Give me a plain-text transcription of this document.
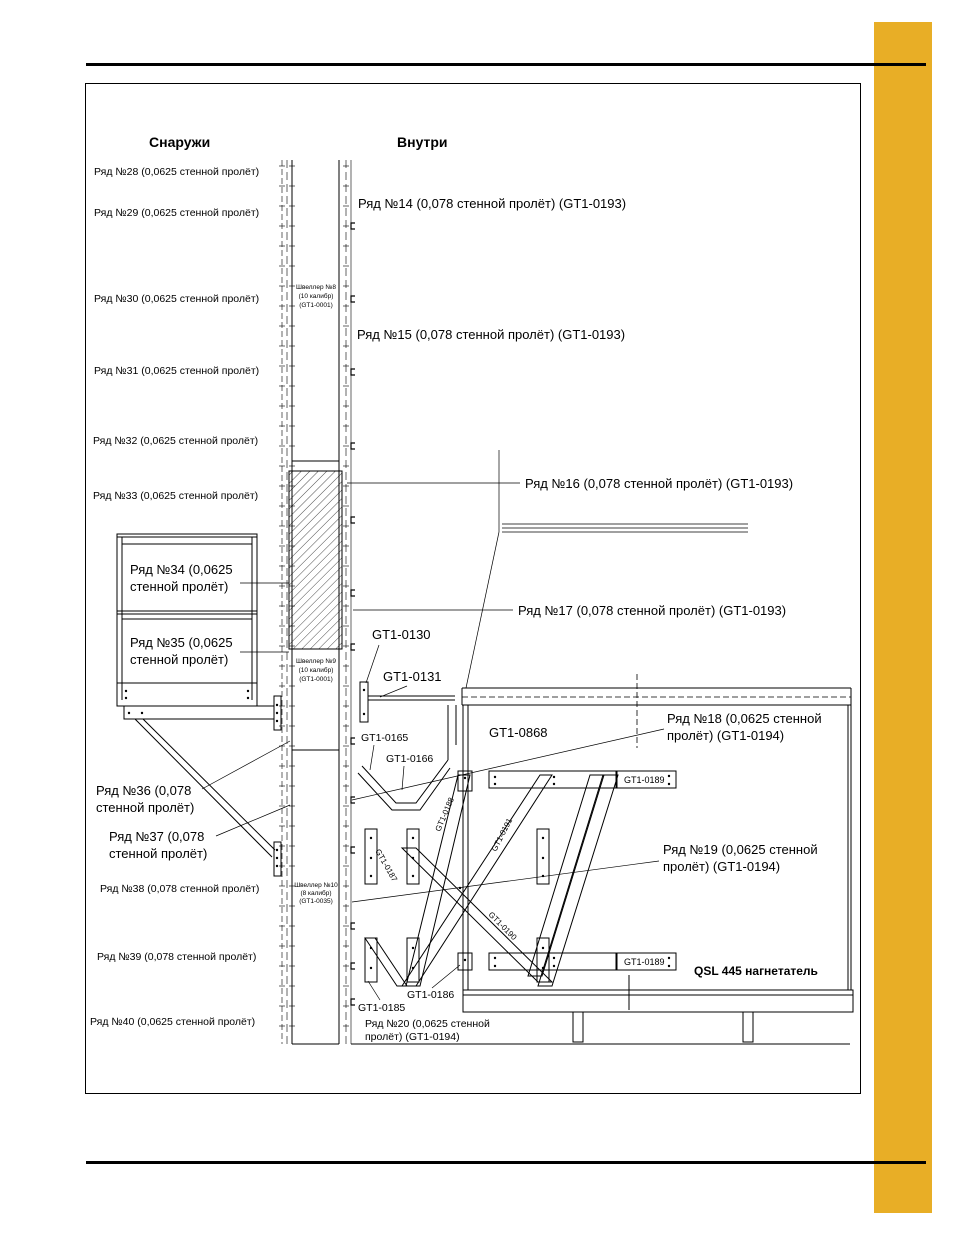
Снаружи	Внутри
Швеллер №8
(10 калибр)
(GT1-0001)
Швеллер №9
(10 калибр)
(GT1-0001)
Швеллер №10
(8 калибр)
(GT1-0035)
Ряд №28 (0,0625 стенной пролёт)
Ряд №29 (0,0625 стенной пролёт)
Ряд №30 (0,0625 стенной пролёт)
Ряд №31 (0,0625 стенной пролёт)
Ряд №32 (0,0625 стенной пролёт)
Ряд №33 (0,0625 стенной пролёт)
Ряд №38 (0,078 стенной пролёт)
Ряд №39 (0,078 стенной пролёт)
Ряд №40 (0,0625 стенной пролёт)
Ряд №34 (0,0625
стенной пролёт)
Ряд №35 (0,0625
стенной пролёт)
Ряд №36 (0,078
стенной пролёт)
Ряд №37 (0,078
стенной пролёт)
Ряд №14 (0,078 стенной пролёт) (GT1-0193)
Ряд №15 (0,078 стенной пролёт) (GT1-0193)
Ряд №16 (0,078 стенной пролёт) (GT1-0193)
Ряд №17 (0,078 стенной пролёт) (GT1-0193)
Ряд №18 (0,0625 стенной
пролёт) (GT1-0194)
Ряд №19 (0,0625 стенной
пролёт) (GT1-0194)
Ряд №20 (0,0625 стенной
пролёт) (GT1-0194)
GT1-0130
GT1-0131
GT1-0868
GT1-0165
GT1-0166
GT1-0189
GT1-0189
GT1-0188
GT1-0191
GT1-0187
GT1-0190
GT1-0185
GT1-0186
QSL 445 нагнетатель
